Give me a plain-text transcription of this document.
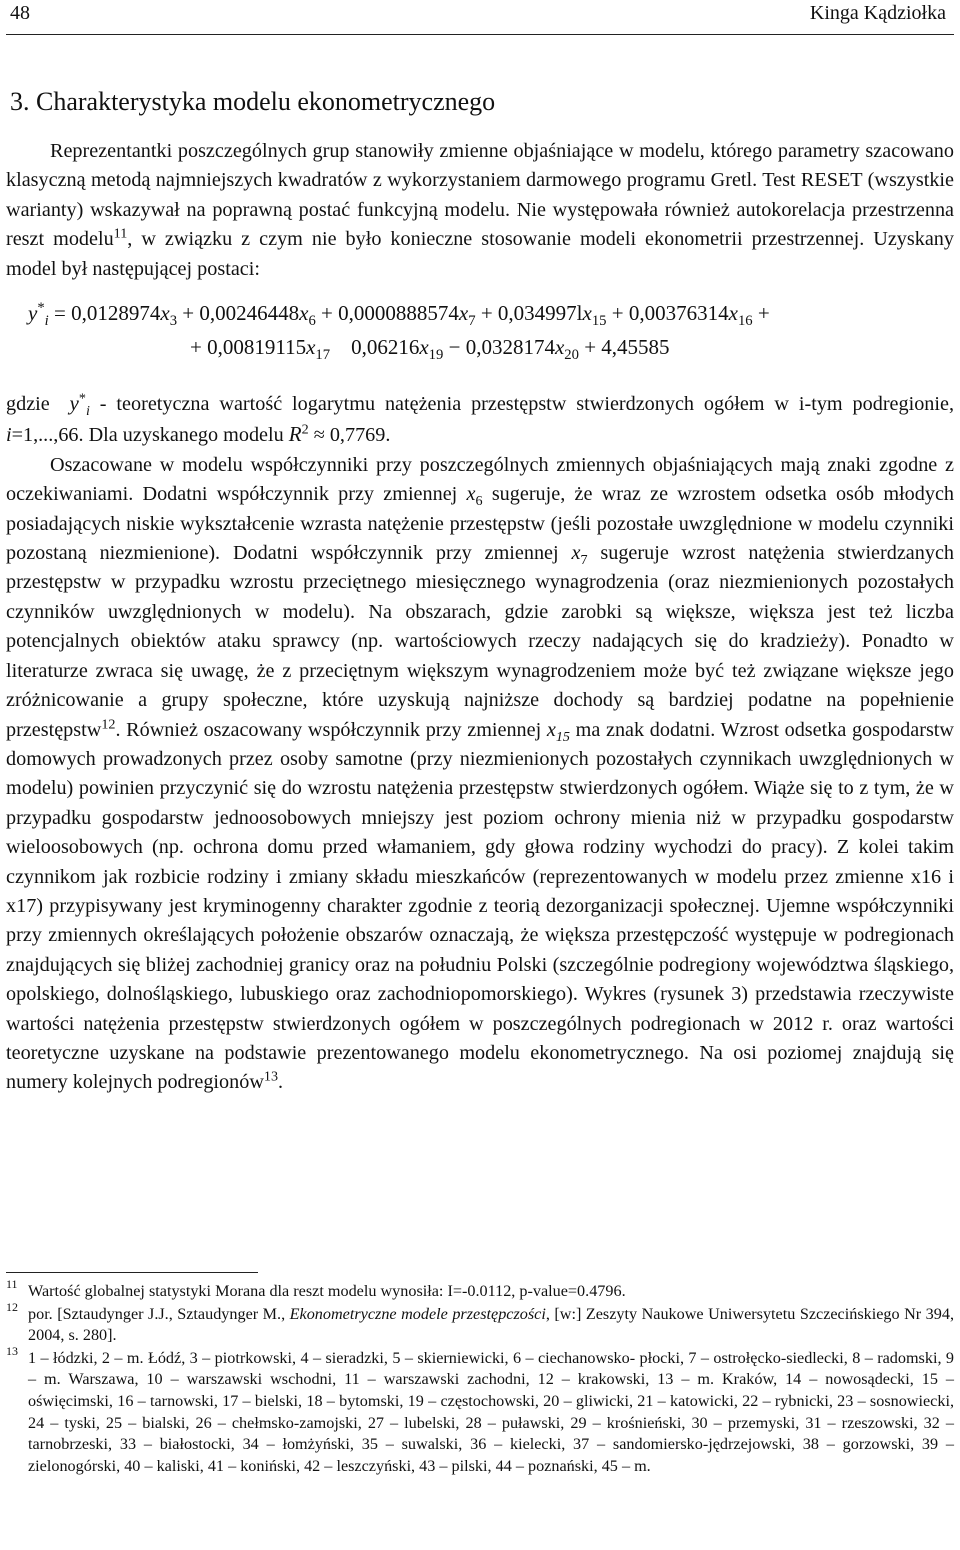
48	Kinga Kądziołka
3. Charakterystyka modelu ekonometrycznego

Reprezentantki poszczególnych grup stanowiły zmienne objaśniające w modelu, którego parametry szacowano klasyczną metodą najmniejszych kwadratów z wykorzystaniem darmowego programu Gretl. Test RESET (wszystkie warianty) wskazywał na poprawną postać funkcyjną modelu. Nie występowała również autokorelacja przestrzenna reszt modelu$^{11}$, w związku z czym nie było konieczne stosowanie modeli ekonometrii przestrzennej. Uzyskany model był następującej postaci:

$y^*_i = 0,0128974x_3 + 0,00246448x_6 + 0,0000888574x_7 + 0,034997lx_{15} + 0,00376314x_{16}$ +
+ $0,00819115x_{17}$ $0,06216x_{19} - 0,0328174x_{20} + 4,45585$

gdzie $y^*_i$ - teoretyczna wartość logarytmu natężenia przestępstw stwierdzonych ogółem w i-tym podregionie, i=1,...,66. Dla uzyskanego modelu $R^2 \approx 0,7769$.

Oszacowane w modelu współczynniki przy poszczególnych zmiennych objaśniających mają znaki zgodne z oczekiwaniami. Dodatni współczynnik przy zmiennej $x_6$ sugeruje, że wraz ze wzrostem odsetka osób młodych posiadających niskie wykształcenie wzrasta natężenie przestępstw (jeśli pozostałe uwzględnione w modelu czynniki pozostaną niezmienione). Dodatni współczynnik przy zmiennej $x_7$ sugeruje wzrost natężenia stwierdzanych przestępstw w przypadku wzrostu przeciętnego miesięcznego wynagrodzenia (oraz niezmienionych pozostałych czynników uwzględnionych w modelu). Na obszarach, gdzie zarobki są większe, większa jest też liczba potencjalnych obiektów ataku sprawcy (np. wartościowych rzeczy nadających się do kradzieży). Ponadto w literaturze zwraca się uwagę, że z przeciętnym większym wynagrodzeniem może być też związane większe jego zróżnicowanie a grupy społeczne, które uzyskują najniższe dochody są bardziej podatne na popełnienie przestępstw$^{12}$. Również oszacowany współczynnik przy zmiennej $x_{15}$ ma znak dodatni. Wzrost odsetka gospodarstw domowych prowadzonych przez osoby samotne (przy niezmienionych pozostałych czynnikach uwzględnionych w modelu) powinien przyczynić się do wzrostu natężenia przestępstw stwierdzonych ogółem. Wiąże się to z tym, że w przypadku gospodarstw jednoosobowych mniejszy jest poziom ochrony mienia niż w przypadku gospodarstw wieloosobowych (np. ochrona domu przed włamaniem, gdy głowa rodziny wychodzi do pracy). Z kolei takim czynnikom jak rozbicie rodziny i zmiany składu mieszkańców (reprezentowanych w modelu przez zmienne x16 i x17) przypisywany jest kryminogenny charakter zgodnie z teorią dezorganizacji społecznej. Ujemne współczynniki przy zmiennych określających położenie obszarów oznaczają, że większa przestępczość występuje w podregionach znajdujących się bliżej zachodniej granicy oraz na południu Polski (szczególnie podregiony województwa śląskiego, opolskiego, dolnośląskiego, lubuskiego oraz zachodniopomorskiego). Wykres (rysunek 3) przedstawia rzeczywiste wartości natężenia przestępstw stwierdzonych ogółem w poszczególnych podregionach w 2012 r. oraz wartości teoretyczne uzyskane na podstawie prezentowanego modelu ekonometrycznego. Na osi poziomej znajdują się numery kolejnych podregionów$^{13}$.

11 Wartość globalnej statystyki Morana dla reszt modelu wynosiła: I=-0.0112, p-value=0.4796.

12 por. [Sztaudynger J.J., Sztaudynger M., Ekonometryczne modele przestępczości, [w:] Zeszyty Naukowe Uniwersytetu Szczecińskiego Nr 394, 2004, s. 280].

13 1 – łódzki, 2 – m. Łódź, 3 – piotrkowski, 4 – sieradzki, 5 – skierniewicki, 6 – ciechanowsko- płocki, 7 – ostrołęcko-siedlecki, 8 – radomski, 9 – m. Warszawa, 10 – warszawski wschodni, 11 – warszawski zachodni, 12 – krakowski, 13 – m. Kraków, 14 – nowosądecki, 15 – oświęcimski, 16 – tarnowski, 17 – bielski, 18 – bytomski, 19 – częstochowski, 20 – gliwicki, 21 – katowicki, 22 – rybnicki, 23 – sosnowiecki, 24 – tyski, 25 – bialski, 26 – chełmsko-zamojski, 27 – lubelski, 28 – puławski, 29 – krośnieński, 30 – przemyski, 31 – rzeszowski, 32 – tarnobrzeski, 33 – białostocki, 34 – łomżyński, 35 – suwalski, 36 – kielecki, 37 – sandomiersko-jędrzejowski, 38 – gorzowski, 39 – zielonogórski, 40 – kaliski, 41 – koniński, 42 – leszczyński, 43 – pilski, 44 – poznański, 45 – m.
